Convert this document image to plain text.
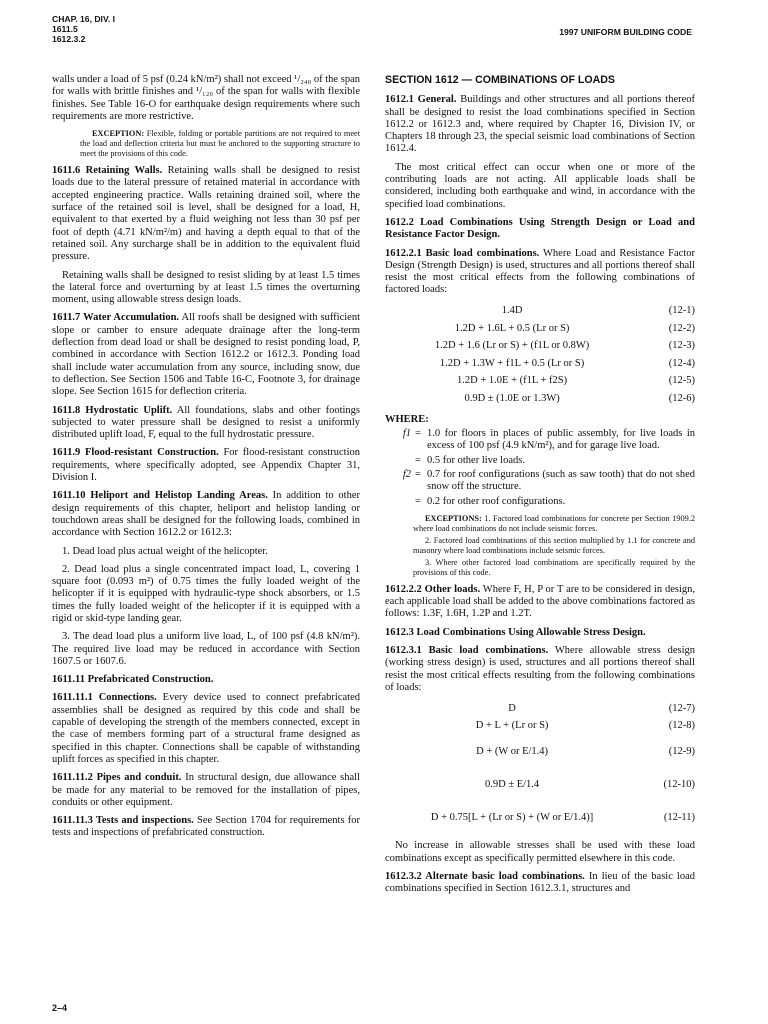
CHAP. 16, DIV. I
1611.5
1612.3.2
1997 UNIFORM BUILDING CODE

walls under a load of 5 psf (0.24 kN/m²) shall not exceed ¹/₂₄₀ of the span for walls with brittle finishes and ¹/₁₂₀ of the span for walls with flexible finishes. See Table 16-O for earthquake design requirements where such requirements are more restrictive.

EXCEPTION: Flexible, folding or portable partitions are not required to meet the load and deflection criteria but must be anchored to the supporting structure to meet the provisions of this code.

1611.6 Retaining Walls. Retaining walls shall be designed to resist loads due to the lateral pressure of retained material in accordance with accepted engineering practice. Walls retaining drained soil, where the surface of the retained soil is level, shall be designed for a load, H, equivalent to that exerted by a fluid weighing not less than 30 psf per foot of depth (4.71 kN/m²/m) and having a depth equal to that of the retained soil. Any surcharge shall be in addition to the equivalent fluid pressure.

Retaining walls shall be designed to resist sliding by at least 1.5 times the lateral force and overturning by at least 1.5 times the overturning moment, using allowable stress design loads.

1611.7 Water Accumulation. All roofs shall be designed with sufficient slope or camber to ensure adequate drainage after the long-term deflection from dead load or shall be designed to resist ponding load, P, combined in accordance with Section 1612.2 or 1612.3. Ponding load shall include water accumulation from any source, including snow, due to deflection. See Section 1506 and Table 16-C, Footnote 3, for drainage slope. See Section 1615 for deflection criteria.

1611.8 Hydrostatic Uplift. All foundations, slabs and other footings subjected to water pressure shall be designed to resist a uniformly distributed uplift load, F, equal to the full hydrostatic pressure.

1611.9 Flood-resistant Construction. For flood-resistant construction requirements, where specifically adopted, see Appendix Chapter 31, Division I.

1611.10 Heliport and Helistop Landing Areas. In addition to other design requirements of this chapter, heliport and helistop landing or touchdown areas shall be designed for the following loads, combined in accordance with Section 1612.2 or 1612.3:

1. Dead load plus actual weight of the helicopter.

2. Dead load plus a single concentrated impact load, L, covering 1 square foot (0.093 m²) of 0.75 times the fully loaded weight of the helicopter if it is equipped with hydraulic-type shock absorbers, or 1.5 times the fully loaded weight of the helicopter if it is equipped with a rigid or skid-type landing gear.

3. The dead load plus a uniform live load, L, of 100 psf (4.8 kN/m²). The required live load may be reduced in accordance with Section 1607.5 or 1607.6.

1611.11 Prefabricated Construction.

1611.11.1 Connections. Every device used to connect prefabricated assemblies shall be designed as required by this code and shall be capable of developing the strength of the members connected, except in the case of members forming part of a structural frame designed as specified in this chapter. Connections shall be capable of withstanding uplift forces as specified in this chapter.

1611.11.2 Pipes and conduit. In structural design, due allowance shall be made for any material to be removed for the installation of pipes, conduits or other equipment.

1611.11.3 Tests and inspections. See Section 1704 for requirements for tests and inspections of prefabricated construction.

SECTION 1612 — COMBINATIONS OF LOADS

1612.1 General. Buildings and other structures and all portions thereof shall be designed to resist the load combinations specified in Section 1612.2 or 1612.3 and, where required by Chapter 16, Division IV, or Chapters 18 through 23, the special seismic load combinations of Section 1612.4.

The most critical effect can occur when one or more of the contributing loads are not acting. All applicable loads shall be considered, including both earthquake and wind, in accordance with the specified load combinations.

1612.2 Load Combinations Using Strength Design or Load and Resistance Factor Design.

1612.2.1 Basic load combinations. Where Load and Resistance Factor Design (Strength Design) is used, structures and all portions thereof shall resist the most critical effects from the following combinations of factored loads:

1.4D	(12-1)
1.2D + 1.6L + 0.5 (Lr or S)	(12-2)
1.2D + 1.6 (Lr or S) + (f1L or 0.8W)	(12-3)
1.2D + 1.3W + f1L + 0.5 (Lr or S)	(12-4)
1.2D + 1.0E + (f1L + f2S)	(12-5)
0.9D ± (1.0E or 1.3W)	(12-6)

WHERE:

f1	=	1.0 for floors in places of public assembly, for live loads in excess of 100 psf (4.9 kN/m²), and for garage live load.
	=	0.5 for other live loads.
f2	=	0.7 for roof configurations (such as saw tooth) that do not shed snow off the structure.
	=	0.2 for other roof configurations.

EXCEPTIONS: 1. Factored load combinations for concrete per Section 1909.2 where load combinations do not include seismic forces.

2. Factored load combinations of this section multiplied by 1.1 for concrete and masonry where load combinations include seismic forces.

3. Where other factored load combinations are specifically required by the provisions of this code.

1612.2.2 Other loads. Where F, H, P or T are to be considered in design, each applicable load shall be added to the above combinations factored as follows: 1.3F, 1.6H, 1.2P and 1.2T.

1612.3 Load Combinations Using Allowable Stress Design.

1612.3.1 Basic load combinations. Where allowable stress design (working stress design) is used, structures and all portions thereof shall resist the most critical effects resulting from the following combinations of loads:

D	(12-7)
D + L + (Lr or S)	(12-8)
D + (W or E/1.4)	(12-9)
0.9D ± E/1.4	(12-10)
D + 0.75[L + (Lr or S) + (W or E/1.4)]	(12-11)

No increase in allowable stresses shall be used with these load combinations except as specifically permitted elsewhere in this code.

1612.3.2 Alternate basic load combinations. In lieu of the basic load combinations specified in Section 1612.3.1, structures and

2–4
